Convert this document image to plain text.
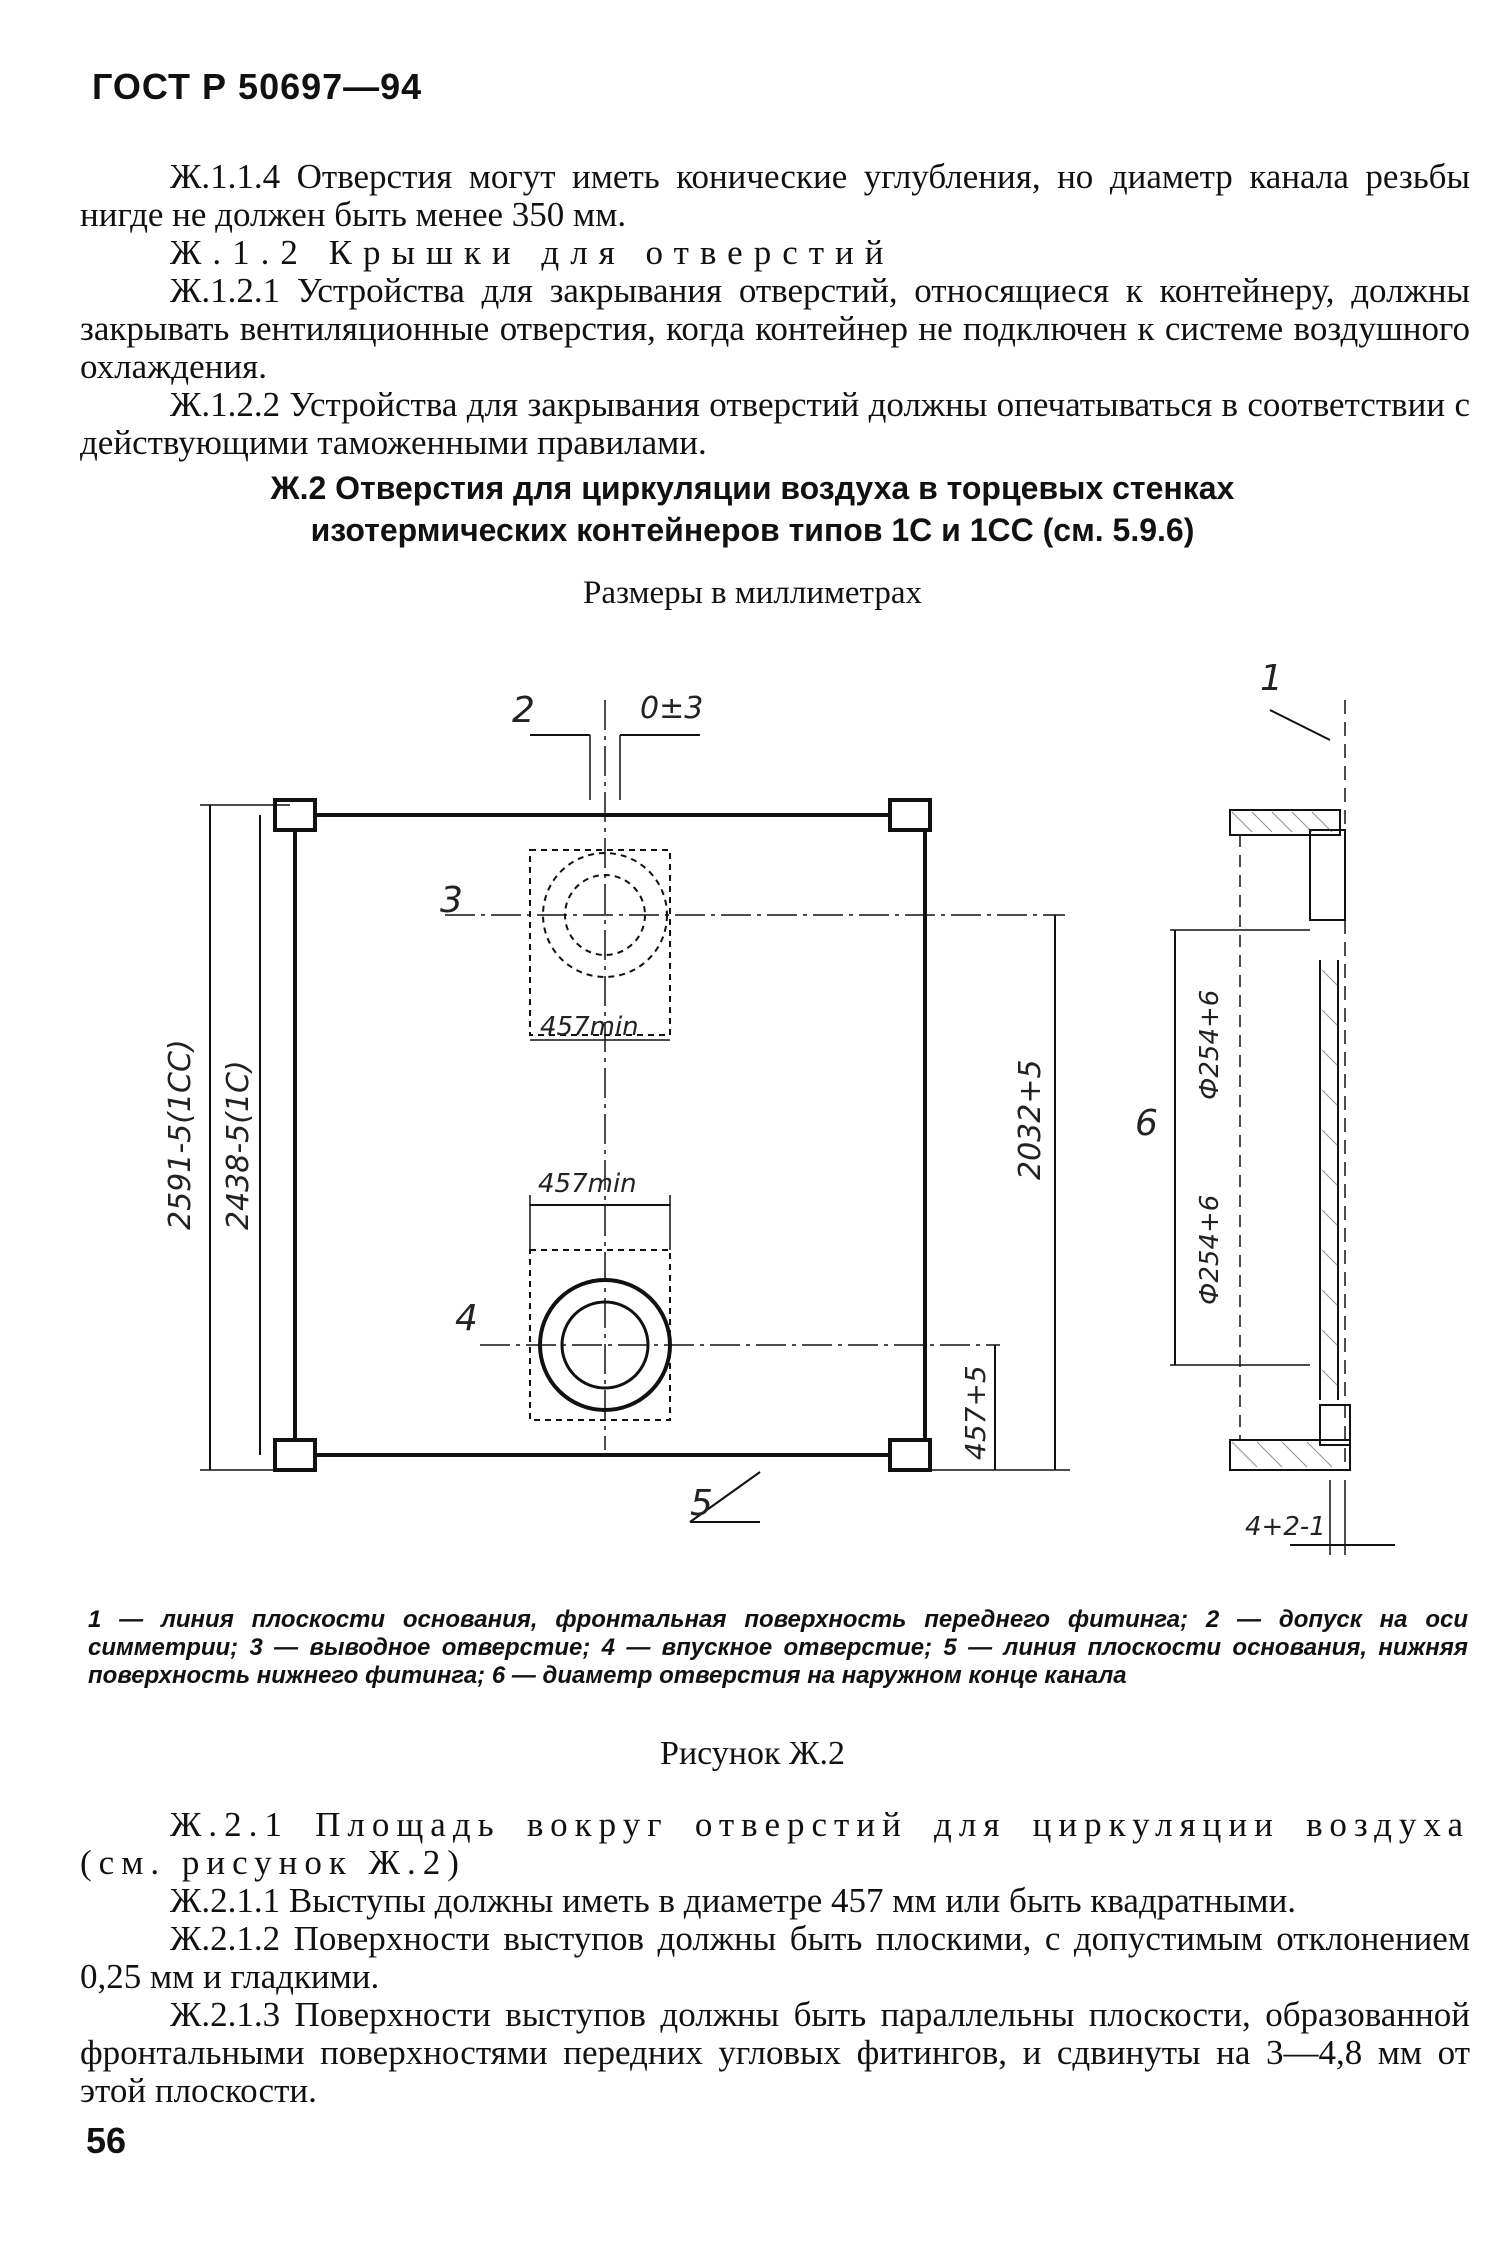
ГОСТ Р 50697—94
Ж.1.1.4 Отверстия могут иметь конические углубления, но диаметр канала резьбы нигде не должен быть менее 350 мм.
Ж.1.2 Крышки для отверстий
Ж.1.2.1 Устройства для закрывания отверстий, относящиеся к контейнеру, должны закрывать вентиляционные отверстия, когда контейнер не подключен к системе воздушного охлаждения.
Ж.1.2.2 Устройства для закрывания отверстий должны опечатываться в соответствии с действующими таможенными правилами.
Ж.2 Отверстия для циркуляции воздуха в торцевых стенках
изотермических контейнеров типов 1С и 1СС (см. 5.9.6)
Размеры в миллиметрах
1
2	0±3
3
4
5
6
457min
457min
2591-5(1СС) 2438-5(1С)	2032+5
457+5
Ф254+6
Ф254+6
4+2-1
1 — линия плоскости основания, фронтальная поверхность переднего фитинга; 2 — допуск на оси симметрии; 3 — выводное отверстие; 4 — впускное отверстие; 5 — линия плоскости основания, нижняя поверхность нижнего фитинга; 6 — диаметр отверстия на наружном конце канала
Рисунок Ж.2
Ж.2.1 Площадь вокруг отверстий для циркуляции воздуха (см. рисунок Ж.2)
Ж.2.1.1 Выступы должны иметь в диаметре 457 мм или быть квадратными.
Ж.2.1.2 Поверхности выступов должны быть плоскими, с допустимым отклонением 0,25 мм и гладкими.
Ж.2.1.3 Поверхности выступов должны быть параллельны плоскости, образованной фронтальными поверхностями передних угловых фитингов, и сдвинуты на 3—4,8 мм от этой плоскости.
56
